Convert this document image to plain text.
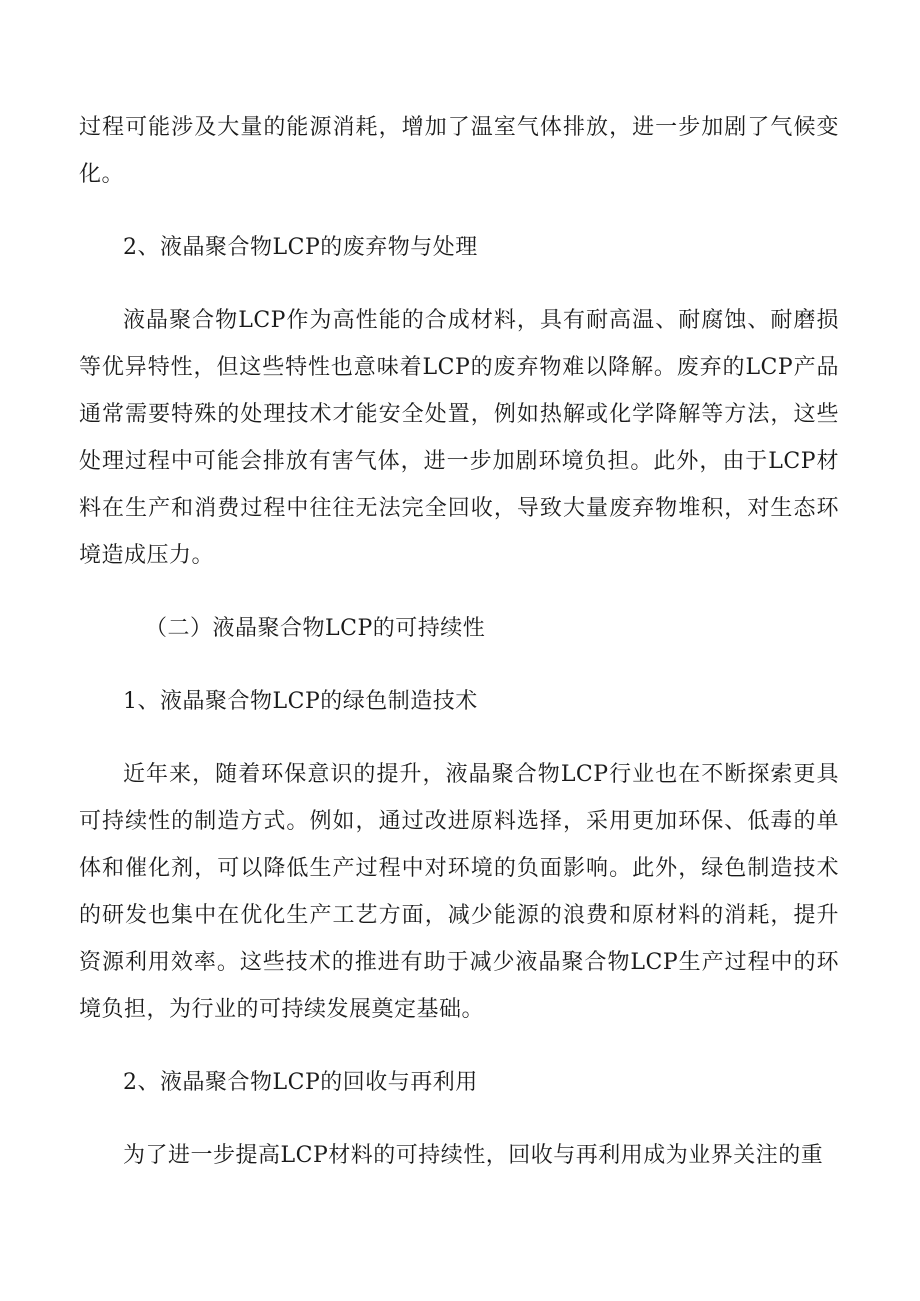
过程可能涉及大量的能源消耗，增加了温室气体排放，进一步加剧了气候变化。

2、液晶聚合物LCP的废弃物与处理

液晶聚合物LCP作为高性能的合成材料，具有耐高温、耐腐蚀、耐磨损等优异特性，但这些特性也意味着LCP的废弃物难以降解。废弃的LCP产品通常需要特殊的处理技术才能安全处置，例如热解或化学降解等方法，这些处理过程中可能会排放有害气体，进一步加剧环境负担。此外，由于LCP材料在生产和消费过程中往往无法完全回收，导致大量废弃物堆积，对生态环境造成压力。

（二）液晶聚合物LCP的可持续性

1、液晶聚合物LCP的绿色制造技术

近年来，随着环保意识的提升，液晶聚合物LCP行业也在不断探索更具可持续性的制造方式。例如，通过改进原料选择，采用更加环保、低毒的单体和催化剂，可以降低生产过程中对环境的负面影响。此外，绿色制造技术的研发也集中在优化生产工艺方面，减少能源的浪费和原材料的消耗，提升资源利用效率。这些技术的推进有助于减少液晶聚合物LCP生产过程中的环境负担，为行业的可持续发展奠定基础。

2、液晶聚合物LCP的回收与再利用

为了进一步提高LCP材料的可持续性，回收与再利用成为业界关注的重
